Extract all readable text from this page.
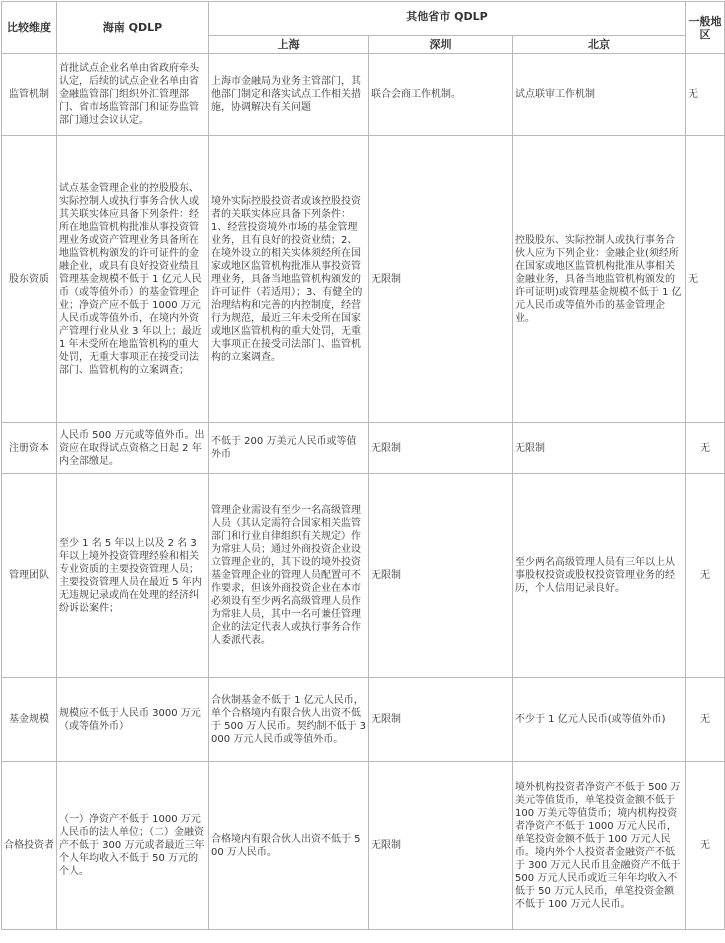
比较维度	海南 QDLP	其他省市 QDLP			一般地区
		上海	深圳	北京	
监管机制	首批试点企业名单由省政府牵头认定，后续的试点企业名单由省金融监管部门组织外汇管理部门、省市场监管部门和证券监管部门通过会议认定。	上海市金融局为业务主管部门，其他部门制定和落实试点工作相关措施，协调解决有关问题	联合会商工作机制。	试点联审工作机制	无
股东资质	试点基金管理企业的控股股东、实际控制人或执行事务合伙人或其关联实体应具备下列条件：经所在地监管机构批准从事投资管理业务或资产管理业务具备所在地监管机构颁发的许可证件的金融企业，或具有良好投资业绩且管理基金规模不低于 1 亿元人民币（或等值外币）的基金管理企业；净资产应不低于 1000 万元人民币或等值外币，在境内外资产管理行业从业 3 年以上；最近 1 年未受所在地监管机构的重大处罚，无重大事项正在接受司法部门、监管机构的立案调查；	境外实际控股投资者或该控股投资者的关联实体应具备下列条件：1、经营投资境外市场的基金管理业务，且有良好的投资业绩；2、在境外设立的相关实体须经所在国家或地区监管机构批准从事投资管理业务，具备当地监管机构颁发的许可证件（若适用）；3、有健全的治理结构和完善的内控制度，经营行为规范，最近三年未受所在国家或地区监管机构的重大处罚，无重大事项正在接受司法部门、监管机构的立案调查。	无限制	控股股东、实际控制人或执行事务合伙人应为下列企业：金融企业(须经所在国家或地区监管机构批准从事相关金融业务，具备当地监管机构颁发的许可证明)或管理基金规模不低于 1 亿元人民币或等值外币的基金管理企业。	无
注册资本	人民币 500 万元或等值外币。出资应在取得试点资格之日起 2 年内全部缴足。	不低于 200 万美元人民币或等值外币	无限制	无限制	无
管理团队	至少 1 名 5 年以上以及 2 名 3 年以上境外投资管理经验和相关专业资质的主要投资管理人员；主要投资管理人员在最近 5 年内无违规记录或尚在处理的经济纠纷诉讼案件；	管理企业需设有至少一名高级管理人员（其认定需符合国家相关监管部门和行业自律组织有关规定）作为常驻人员；通过外商投资企业设立管理企业的，其下设的境外投资基金管理企业的管理人员配置可不作要求，但该外商投资企业在本市必须设有至少两名高级管理人员作为常驻人员，其中一名可兼任管理企业的法定代表人或执行事务合作人委派代表。	无限制	至少两名高级管理人员有三年以上从事股权投资或股权投资管理业务的经历，个人信用记录良好。	无
基金规模	规模应不低于人民币 3000 万元（或等值外币）	合伙制基金不低于 1 亿元人民币，单个合格境内有限合伙人出资不低于 500 万人民币。契约制不低于 3000 万元人民币或等值外币。	无限制	不少于 1 亿元人民币(或等值外币)	无
合格投资者	（一）净资产不低于 1000 万元人民币的法人单位；（二）金融资产不低于 300 万元或者最近三年个人年均收入不低于 50 万元的个人。	合格境内有限合伙人出资不低于 500 万人民币。	无限制	境外机构投资者净资产不低于 500 万美元等值货币，单笔投资金额不低于 100 万美元等值货币；境内机构投资者净资产不低于 1000 万元人民币，单笔投资金额不低于 100 万元人民币。境内外个人投资者金融资产不低于 300 万元人民币且金融资产不低于 500 万元人民币或近三年年均收入不低于 50 万元人民币，单笔投资金额不低于 100 万元人民币。	无
